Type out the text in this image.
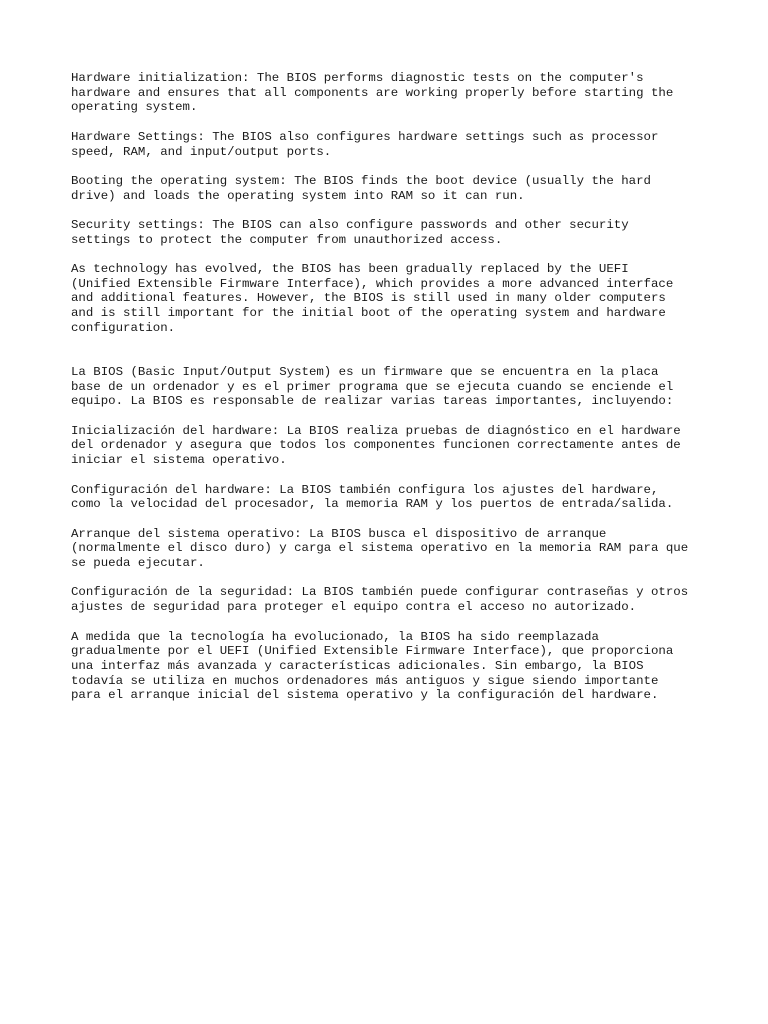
Hardware initialization: The BIOS performs diagnostic tests on the computer's
hardware and ensures that all components are working properly before starting the
operating system.

Hardware Settings: The BIOS also configures hardware settings such as processor
speed, RAM, and input/output ports.

Booting the operating system: The BIOS finds the boot device (usually the hard
drive) and loads the operating system into RAM so it can run.

Security settings: The BIOS can also configure passwords and other security
settings to protect the computer from unauthorized access.

As technology has evolved, the BIOS has been gradually replaced by the UEFI
(Unified Extensible Firmware Interface), which provides a more advanced interface
and additional features. However, the BIOS is still used in many older computers
and is still important for the initial boot of the operating system and hardware
configuration.

La BIOS (Basic Input/Output System) es un firmware que se encuentra en la placa
base de un ordenador y es el primer programa que se ejecuta cuando se enciende el
equipo. La BIOS es responsable de realizar varias tareas importantes, incluyendo:

Inicialización del hardware: La BIOS realiza pruebas de diagnóstico en el hardware
del ordenador y asegura que todos los componentes funcionen correctamente antes de
iniciar el sistema operativo.

Configuración del hardware: La BIOS también configura los ajustes del hardware,
como la velocidad del procesador, la memoria RAM y los puertos de entrada/salida.

Arranque del sistema operativo: La BIOS busca el dispositivo de arranque
(normalmente el disco duro) y carga el sistema operativo en la memoria RAM para que
se pueda ejecutar.

Configuración de la seguridad: La BIOS también puede configurar contraseñas y otros
ajustes de seguridad para proteger el equipo contra el acceso no autorizado.

A medida que la tecnología ha evolucionado, la BIOS ha sido reemplazada
gradualmente por el UEFI (Unified Extensible Firmware Interface), que proporciona
una interfaz más avanzada y características adicionales. Sin embargo, la BIOS
todavía se utiliza en muchos ordenadores más antiguos y sigue siendo importante
para el arranque inicial del sistema operativo y la configuración del hardware.
